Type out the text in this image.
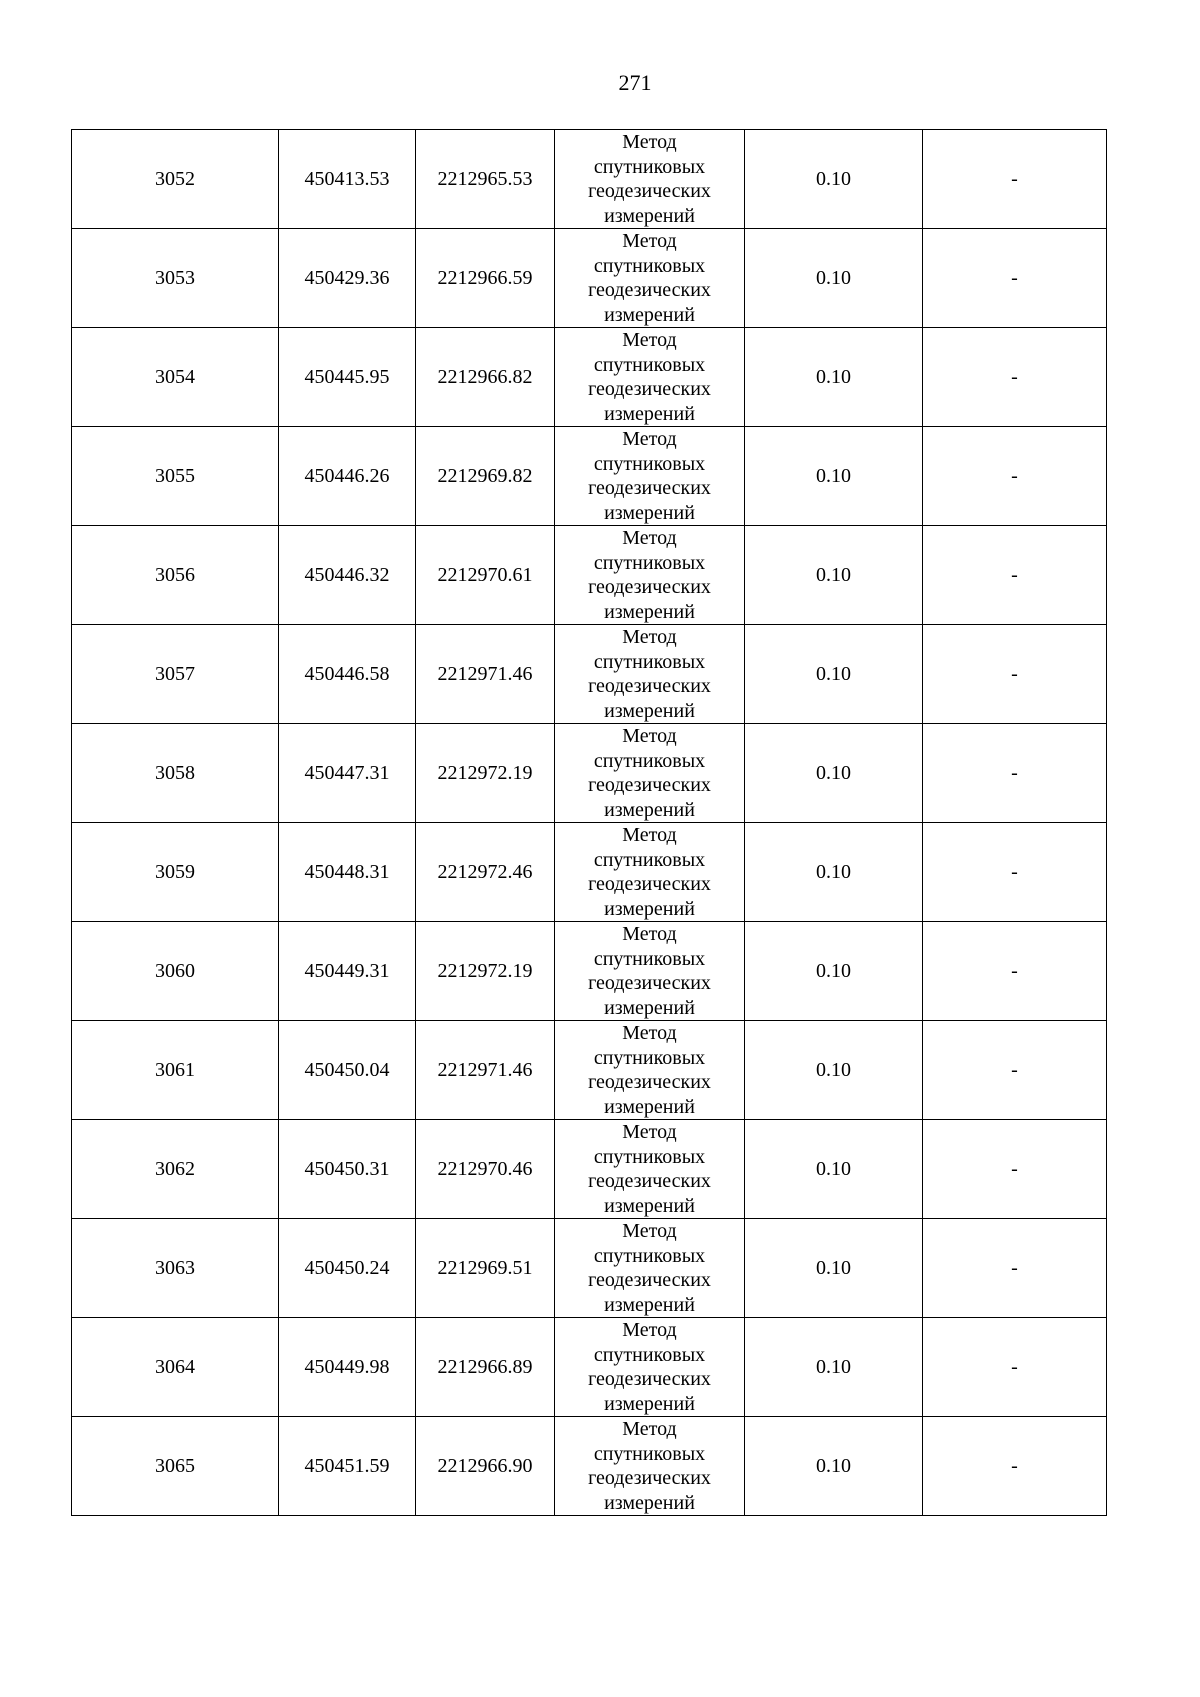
271
3052	450413.53	2212965.53	Метод
спутниковых
геодезических
измерений	0.10	-
3053	450429.36	2212966.59	Метод
спутниковых
геодезических
измерений	0.10	-
3054	450445.95	2212966.82	Метод
спутниковых
геодезических
измерений	0.10	-
3055	450446.26	2212969.82	Метод
спутниковых
геодезических
измерений	0.10	-
3056	450446.32	2212970.61	Метод
спутниковых
геодезических
измерений	0.10	-
3057	450446.58	2212971.46	Метод
спутниковых
геодезических
измерений	0.10	-
3058	450447.31	2212972.19	Метод
спутниковых
геодезических
измерений	0.10	-
3059	450448.31	2212972.46	Метод
спутниковых
геодезических
измерений	0.10	-
3060	450449.31	2212972.19	Метод
спутниковых
геодезических
измерений	0.10	-
3061	450450.04	2212971.46	Метод
спутниковых
геодезических
измерений	0.10	-
3062	450450.31	2212970.46	Метод
спутниковых
геодезических
измерений	0.10	-
3063	450450.24	2212969.51	Метод
спутниковых
геодезических
измерений	0.10	-
3064	450449.98	2212966.89	Метод
спутниковых
геодезических
измерений	0.10	-
3065	450451.59	2212966.90	Метод
спутниковых
геодезических
измерений	0.10	-
